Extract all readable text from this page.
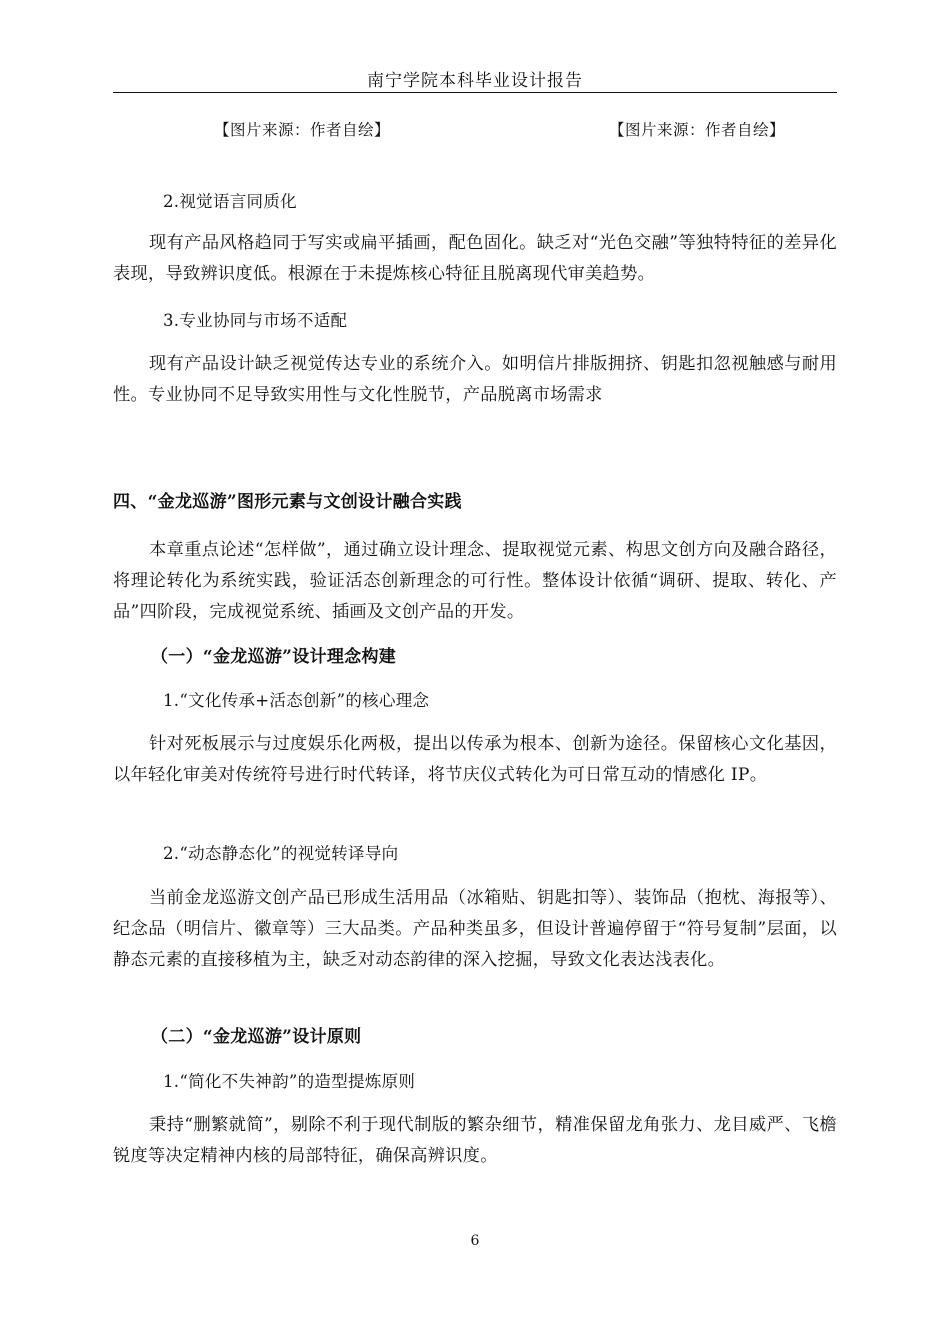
南宁学院本科毕业设计报告
【图片来源：作者自绘】	【图片来源：作者自绘】

2.视觉语言同质化

现有产品风格趋同于写实或扁平插画，配色固化。缺乏对“光色交融”等独特特征的差异化表现，导致辨识度低。根源在于未提炼核心特征且脱离现代审美趋势。

3.专业协同与市场不适配

现有产品设计缺乏视觉传达专业的系统介入。如明信片排版拥挤、钥匙扣忽视触感与耐用性。专业协同不足导致实用性与文化性脱节，产品脱离市场需求

四、“金龙巡游”图形元素与文创设计融合实践

本章重点论述“怎样做”，通过确立设计理念、提取视觉元素、构思文创方向及融合路径，将理论转化为系统实践，验证活态创新理念的可行性。整体设计依循“调研、提取、转化、产品”四阶段，完成视觉系统、插画及文创产品的开发。

（一）“金龙巡游”设计理念构建

1.“文化传承+活态创新”的核心理念

针对死板展示与过度娱乐化两极，提出以传承为根本、创新为途径。保留核心文化基因，以年轻化审美对传统符号进行时代转译，将节庆仪式转化为可日常互动的情感化 IP。

2.“动态静态化”的视觉转译导向

当前金龙巡游文创产品已形成生活用品（冰箱贴、钥匙扣等）、装饰品（抱枕、海报等）、纪念品（明信片、徽章等）三大品类。产品种类虽多，但设计普遍停留于“符号复制”层面，以静态元素的直接移植为主，缺乏对动态韵律的深入挖掘，导致文化表达浅表化。

（二）“金龙巡游”设计原则

1.“简化不失神韵”的造型提炼原则

秉持“删繁就简”，剔除不利于现代制版的繁杂细节，精准保留龙角张力、龙目威严、飞檐锐度等决定精神内核的局部特征，确保高辨识度。

6
